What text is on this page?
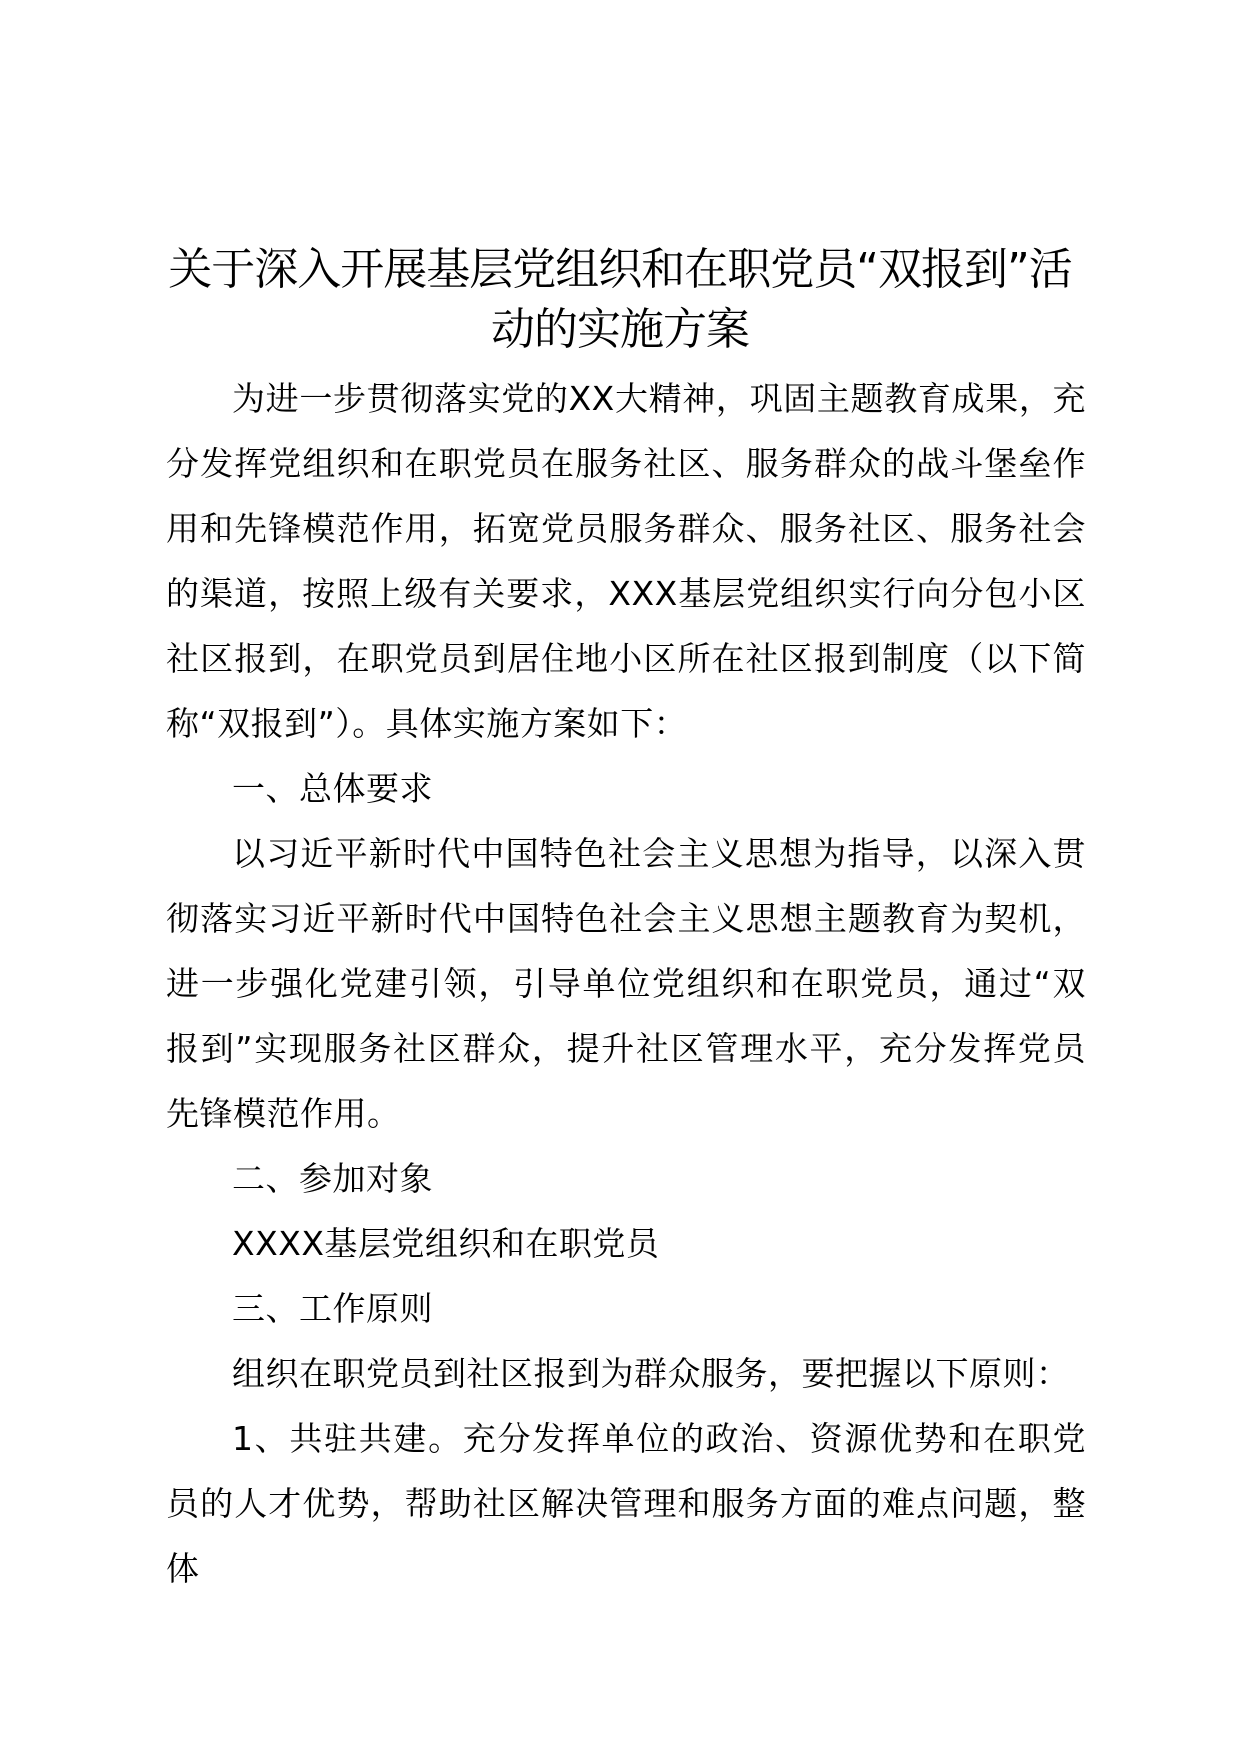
关于深入开展基层党组织和在职党员“双报到”活动的实施方案

为进一步贯彻落实党的XX大精神，巩固主题教育成果，充分发挥党组织和在职党员在服务社区、服务群众的战斗堡垒作用和先锋模范作用，拓宽党员服务群众、服务社区、服务社会的渠道，按照上级有关要求，XXX基层党组织实行向分包小区社区报到，在职党员到居住地小区所在社区报到制度（以下简称“双报到”）。具体实施方案如下：

一、总体要求

以习近平新时代中国特色社会主义思想为指导，以深入贯彻落实习近平新时代中国特色社会主义思想主题教育为契机，进一步强化党建引领，引导单位党组织和在职党员，通过“双报到”实现服务社区群众，提升社区管理水平，充分发挥党员先锋模范作用。

二、参加对象

XXXX基层党组织和在职党员

三、工作原则

组织在职党员到社区报到为群众服务，要把握以下原则：

1、共驻共建。充分发挥单位的政治、资源优势和在职党员的人才优势，帮助社区解决管理和服务方面的难点问题，整体
